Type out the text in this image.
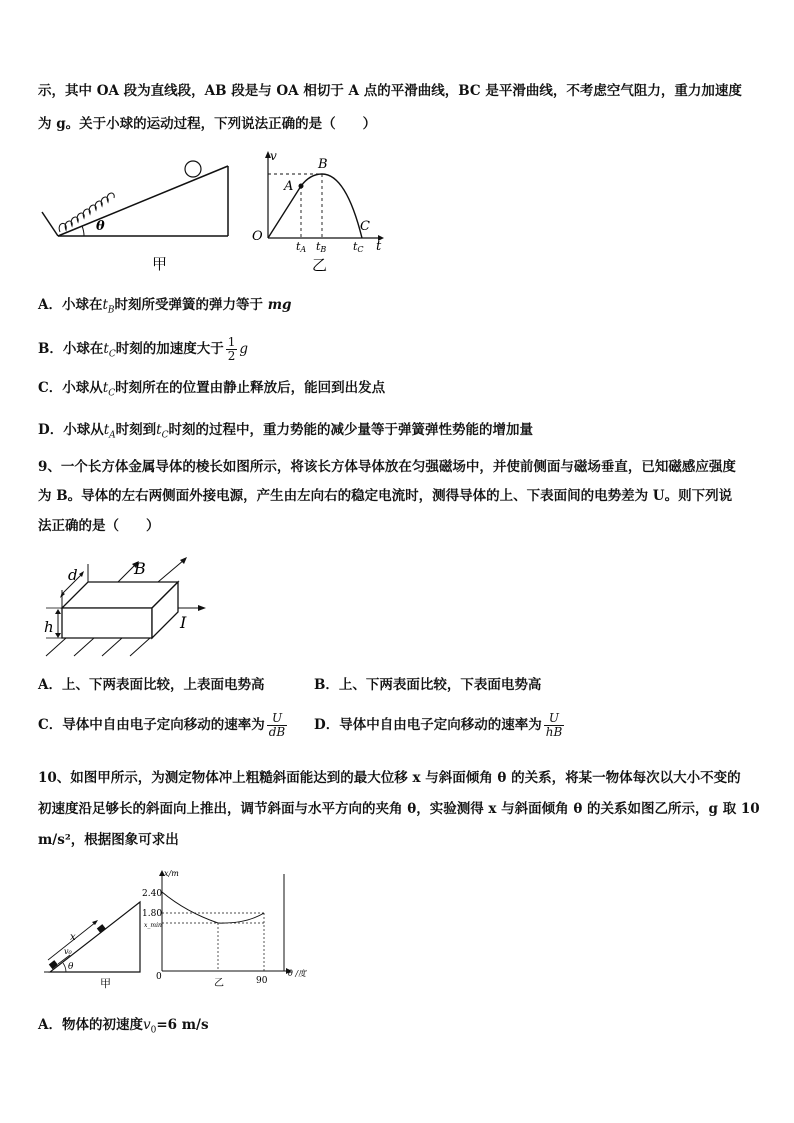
示，其中 OA 段为直线段，AB 段是与 OA 相切于 A 点的平滑曲线，BC 是平滑曲线，不考虑空气阻力，重力加速度
为 g。关于小球的运动过程，下列说法正确的是（　　）
θ
甲
v
t
O
A
B
C
tA tB tC
乙
A．小球在$t_B$时刻所受弹簧的弹力等于 mg
B．小球在$t_C$时刻的加速度大于 $\frac{1}{2}$ g
C．小球从$t_C$时刻所在的位置由静止释放后，能回到出发点
D．小球从$t_A$时刻到$t_C$时刻的过程中，重力势能的减少量等于弹簧弹性势能的增加量
9、一个长方体金属导体的棱长如图所示，将该长方体导体放在匀强磁场中，并使前侧面与磁场垂直，已知磁感应强度
为 B。导体的左右两侧面外接电源，产生由左向右的稳定电流时，测得导体的上、下表面间的电势差为 U。则下列说
法正确的是（　　）
d
h
B
I
A．上、下两表面比较，上表面电势高	B．上、下两表面比较，下表面电势高
C．导体中自由电子定向移动的速率为 $\frac{U}{dB}$ D．导体中自由电子定向移动的速率为 $\frac{U}{hB}$
10、如图甲所示，为测定物体冲上粗糙斜面能达到的最大位移 x 与斜面倾角 θ 的关系，将某一物体每次以大小不变的
初速度沿足够长的斜面向上推出，调节斜面与水平方向的夹角 θ，实验测得 x 与斜面倾角 θ 的关系如图乙所示，g 取 10
m/s²，根据图象可求出
x
v₀
θ
甲
x/m
2.40
1.80
x_min
0	90
θ /度
乙
A．物体的初速度$v_0=6$ m/s
